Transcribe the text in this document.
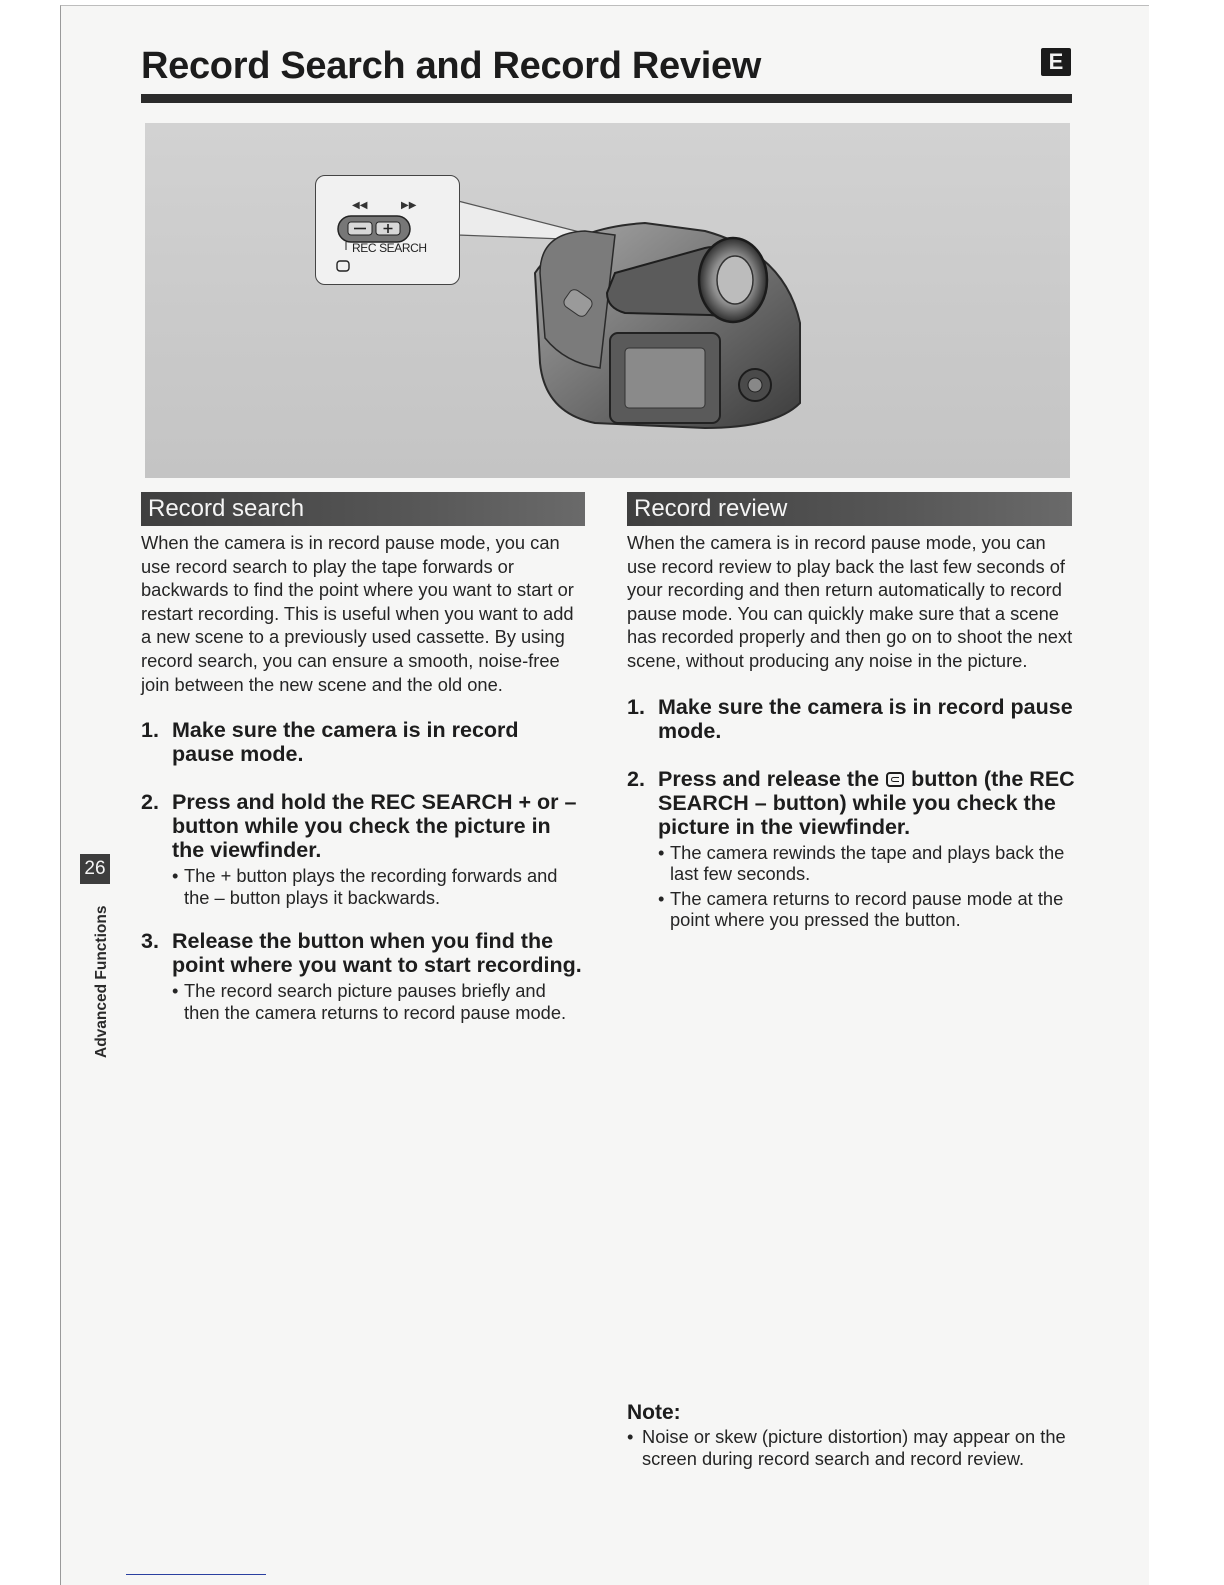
Record Search and Record Review	E
◀◀	▶▶
REC SEARCH
Record search	Record review

When the camera is in record pause mode, you can use record search to play the tape forwards or backwards to find the point where you want to start or restart recording. This is useful when you want to add a new scene to a previously used cassette. By using record search, you can ensure a smooth, noise-free join between the new scene and the old one.

1. Make sure the camera is in record pause mode.

2. Press and hold the REC SEARCH + or – button while you check the picture in the viewfinder.

• The + button plays the recording forwards and the – button plays it backwards.

3. Release the button when you find the point where you want to start recording.

• The record search picture pauses briefly and then the camera returns to record pause mode.

When the camera is in record pause mode, you can use record review to play back the last few seconds of your recording and then return automatically to record pause mode. You can quickly make sure that a scene has recorded properly and then go on to shoot the next scene, without producing any noise in the picture.

1. Make sure the camera is in record pause mode.

2. Press and release the button (the REC SEARCH – button) while you check the picture in the viewfinder.

• The camera rewinds the tape and plays back the last few seconds.

• The camera returns to record pause mode at the point where you pressed the button.

26
Advanced Functions

Note:

• Noise or skew (picture distortion) may appear on the screen during record search and record review.
